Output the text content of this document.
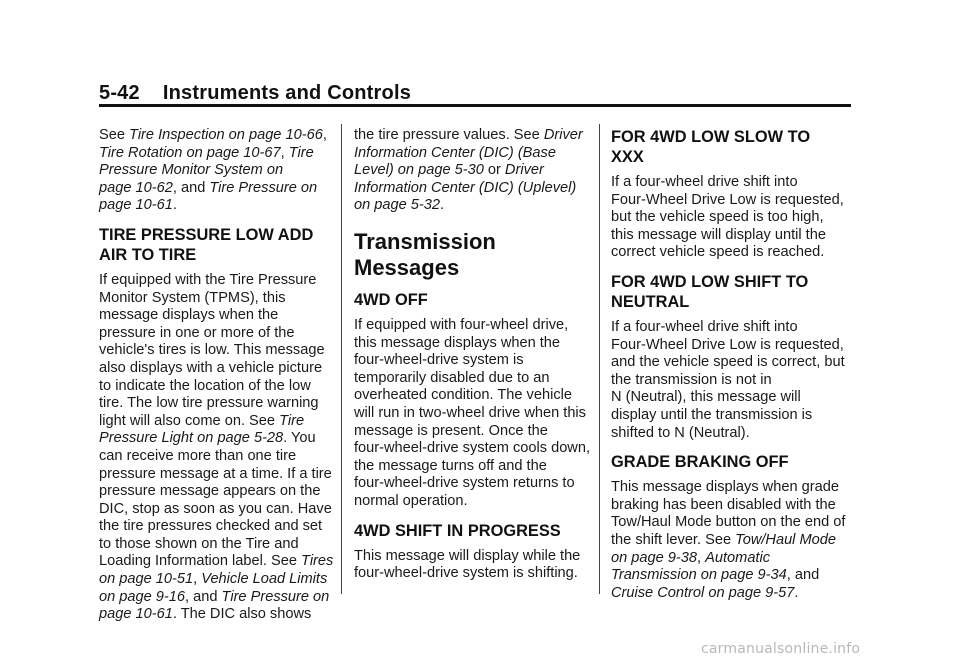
5-42 Instruments and Controls

See Tire Inspection on page 10-66,
Tire Rotation on page 10-67, Tire
Pressure Monitor System on
page 10-62, and Tire Pressure on
page 10-61.

TIRE PRESSURE LOW ADD
AIR TO TIRE

If equipped with the Tire Pressure
Monitor System (TPMS), this
message displays when the
pressure in one or more of the
vehicle's tires is low. This message
also displays with a vehicle picture
to indicate the location of the low
tire. The low tire pressure warning
light will also come on. See Tire
Pressure Light on page 5-28. You
can receive more than one tire
pressure message at a time. If a tire
pressure message appears on the
DIC, stop as soon as you can. Have
the tire pressures checked and set
to those shown on the Tire and
Loading Information label. See Tires
on page 10-51, Vehicle Load Limits
on page 9-16, and Tire Pressure on
page 10-61. The DIC also shows

the tire pressure values. See Driver
Information Center (DIC) (Base
Level) on page 5-30 or Driver
Information Center (DIC) (Uplevel)
on page 5-32.

Transmission Messages
4WD OFF

If equipped with four-wheel drive,
this message displays when the
four-wheel-drive system is
temporarily disabled due to an
overheated condition. The vehicle
will run in two-wheel drive when this
message is present. Once the
four-wheel-drive system cools down,
the message turns off and the
four-wheel-drive system returns to
normal operation.

4WD SHIFT IN PROGRESS

This message will display while the
four-wheel-drive system is shifting.

FOR 4WD LOW SLOW TO XXX

If a four-wheel drive shift into
Four-Wheel Drive Low is requested,
but the vehicle speed is too high,
this message will display until the
correct vehicle speed is reached.

FOR 4WD LOW SHIFT TO
NEUTRAL

If a four-wheel drive shift into
Four-Wheel Drive Low is requested,
and the vehicle speed is correct, but
the transmission is not in
N (Neutral), this message will
display until the transmission is
shifted to N (Neutral).

GRADE BRAKING OFF

This message displays when grade
braking has been disabled with the
Tow/Haul Mode button on the end of
the shift lever. See Tow/Haul Mode
on page 9-38, Automatic
Transmission on page 9-34, and
Cruise Control on page 9-57.

carmanualsonline.info
